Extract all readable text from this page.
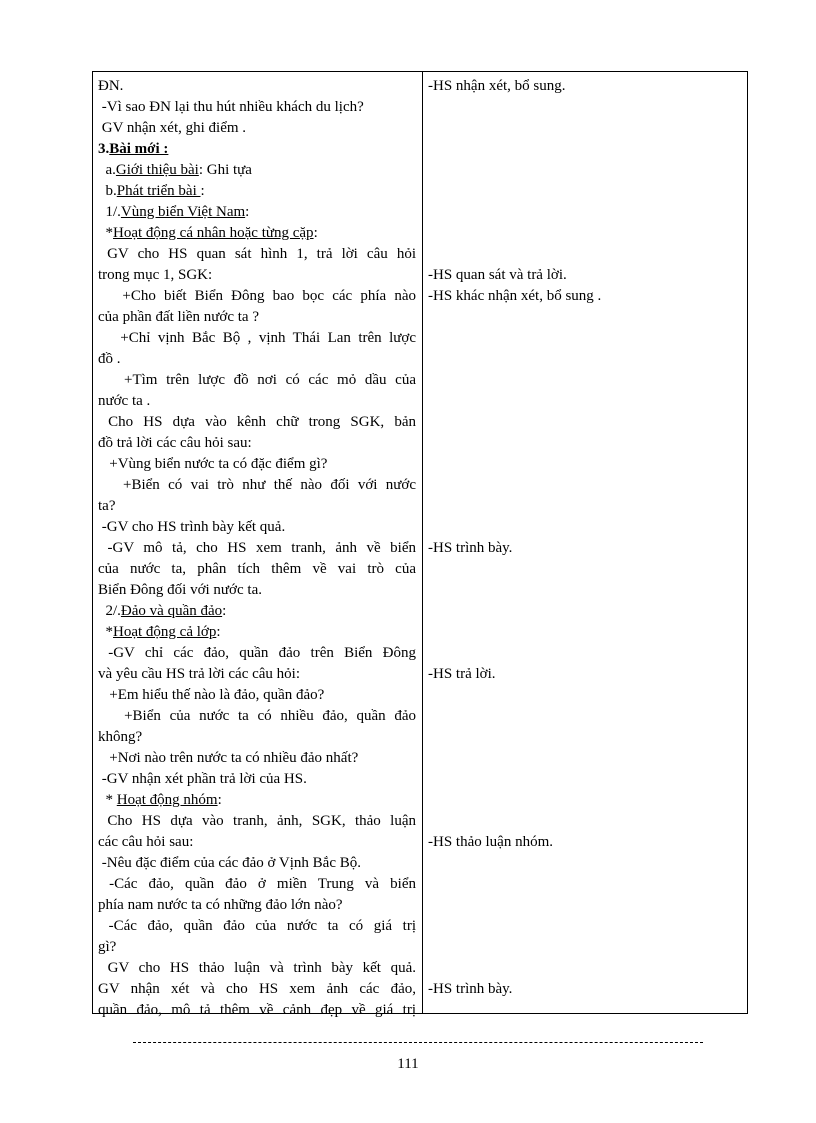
ĐN.
-Vì sao ĐN lại thu hút nhiều khách du lịch?
GV nhận xét, ghi điểm .
3.Bài mới :
a.Giới thiệu bài: Ghi tựa
b.Phát triển bài :
1/.Vùng biển Việt Nam:
*Hoạt động cá nhân hoặc từng cặp:
GV cho HS quan sát hình 1, trả lời câu hỏi
trong mục 1, SGK:
+Cho biết Biển Đông bao bọc các phía nào
của phần đất liền nước ta ?
+Chỉ vịnh Bắc Bộ , vịnh Thái Lan trên lược
đồ .
+Tìm trên lược đồ nơi có các mỏ dầu của
nước ta .
Cho HS dựa vào kênh chữ trong SGK, bản
đồ trả lời các câu hỏi sau:
+Vùng biển nước ta có đặc điểm gì?
+Biển có vai trò như thế nào đối với nước
ta?
-GV cho HS trình bày kết quả.
-GV mô tả, cho HS xem tranh, ảnh về biển
của nước ta, phân tích thêm về vai trò của
Biển Đông đối với nước ta.
2/.Đảo và quần đảo:
*Hoạt động cả lớp:
-GV chỉ các đảo, quần đảo trên Biển Đông
và yêu cầu HS trả lời các câu hỏi:
+Em hiểu thế nào là đảo, quần đảo?
+Biển của nước ta có nhiều đảo, quần đảo
không?
+Nơi nào trên nước ta có nhiều đảo nhất?
-GV nhận xét phần trả lời của HS.
* Hoạt động nhóm:
Cho HS dựa vào tranh, ảnh, SGK, thảo luận
các câu hỏi sau:
-Nêu đặc điểm của các đảo ở Vịnh Bắc Bộ.
-Các đảo, quần đảo ở miền Trung và biển
phía nam nước ta có những đảo lớn nào?
-Các đảo, quần đảo của nước ta có giá trị
gì?
GV cho HS thảo luận và trình bày kết quả.
GV nhận xét và cho HS xem ảnh các đảo,
quần đảo, mô tả thêm về cảnh đẹp về giá trị
-HS nhận xét, bổ sung.
-HS quan sát và trả lời.
-HS khác nhận xét, bổ sung .
-HS trình bày.
-HS trả lời.
-HS thảo luận nhóm.
-HS trình bày.
111
